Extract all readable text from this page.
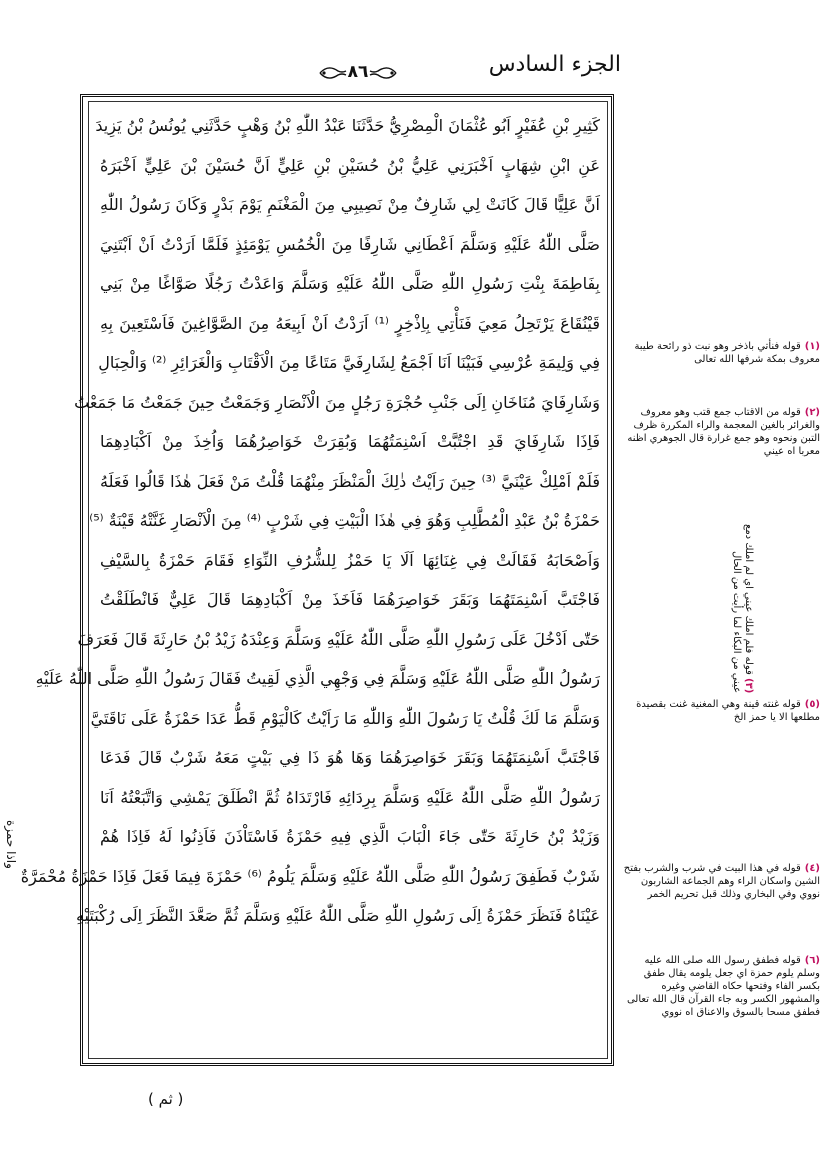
الجزء السادس
٨٦
كَثِيرِ بْنِ عُفَيْرٍ اَبُو عُثْمَانَ الْمِصْرِيُّ حَدَّثَنَا عَبْدُ اللّٰهِ بْنُ وَهْبٍ حَدَّثَنِي يُونُسُ بْنُ يَزِيدَ
عَنِ ابْنِ شِهَابٍ اَخْبَرَنِي عَلِيُّ بْنُ حُسَيْنِ بْنِ عَلِيٍّ اَنَّ حُسَيْنَ بْنَ عَلِيٍّ اَخْبَرَهُ
اَنَّ عَلِيًّا قَالَ كَانَتْ لِي شَارِفٌ مِنْ نَصِيبِي مِنَ الْمَغْنَمِ يَوْمَ بَدْرٍ وَكَانَ رَسُولُ اللّٰهِ
صَلَّى اللّٰهُ عَلَيْهِ وَسَلَّمَ اَعْطَانِي شَارِفًا مِنَ الْخُمُسِ يَوْمَئِذٍ فَلَمَّا اَرَدْتُ اَنْ اَبْتَنِيَ
بِفَاطِمَةَ بِنْتِ رَسُولِ اللّٰهِ صَلَّى اللّٰهُ عَلَيْهِ وَسَلَّمَ وَاعَدْتُ رَجُلًا صَوَّاغًا مِنْ بَنِي
قَيْنُقَاعَ يَرْتَحِلُ مَعِيَ فَنَأْتِي بِاِذْخِرٍ ⁽¹⁾ اَرَدْتُ اَنْ اَبِيعَهُ مِنَ الصَّوَّاغِينَ فَاَسْتَعِينَ بِهِ
فِي وَلِيمَةِ عُرْسِي فَبَيْنَا اَنَا اَجْمَعُ لِشَارِفَيَّ مَتَاعًا مِنَ الْاَقْتَابِ وَالْغَرَائِرِ ⁽²⁾ وَالْحِبَالِ
وَشَارِفَايَ مُنَاخَانِ اِلَى جَنْبِ حُجْرَةِ رَجُلٍ مِنَ الْاَنْصَارِ وَجَمَعْتُ حِينَ جَمَعْتُ مَا جَمَعْتُ
فَاِذَا شَارِفَايَ قَدِ اجْتُبَّتْ اَسْنِمَتُهُمَا وَبُقِرَتْ خَوَاصِرُهُمَا وَاُخِذَ مِنْ اَكْبَادِهِمَا
فَلَمْ اَمْلِكْ عَيْنَيَّ ⁽³⁾ حِينَ رَاَيْتُ ذٰلِكَ الْمَنْظَرَ مِنْهُمَا قُلْتُ مَنْ فَعَلَ هٰذَا قَالُوا فَعَلَهُ
حَمْزَةُ بْنُ عَبْدِ الْمُطَّلِبِ وَهُوَ فِي هٰذَا الْبَيْتِ فِي شَرْبٍ ⁽⁴⁾ مِنَ الْاَنْصَارِ غَنَّتْهُ قَيْنَةٌ ⁽⁵⁾
وَاَصْحَابَهُ فَقَالَتْ فِي غِنَائِهَا اَلَا يَا حَمْزُ لِلشُّرُفِ النِّوَاءِ فَقَامَ حَمْزَةُ بِالسَّيْفِ
فَاجْتَبَّ اَسْنِمَتَهُمَا وَبَقَرَ خَوَاصِرَهُمَا فَاَخَذَ مِنْ اَكْبَادِهِمَا قَالَ عَلِيٌّ فَانْطَلَقْتُ
حَتّٰى اَدْخُلَ عَلَى رَسُولِ اللّٰهِ صَلَّى اللّٰهُ عَلَيْهِ وَسَلَّمَ وَعِنْدَهُ زَيْدُ بْنُ حَارِثَةَ قَالَ فَعَرَفَ
رَسُولُ اللّٰهِ صَلَّى اللّٰهُ عَلَيْهِ وَسَلَّمَ فِي وَجْهِي الَّذِي لَقِيتُ فَقَالَ رَسُولُ اللّٰهِ صَلَّى اللّٰهُ عَلَيْهِ
وَسَلَّمَ مَا لَكَ قُلْتُ يَا رَسُولَ اللّٰهِ وَاللّٰهِ مَا رَاَيْتُ كَالْيَوْمِ قَطُّ عَدَا حَمْزَةُ عَلَى نَاقَتَيَّ
فَاجْتَبَّ اَسْنِمَتَهُمَا وَبَقَرَ خَوَاصِرَهُمَا وَهَا هُوَ ذَا فِي بَيْتٍ مَعَهُ شَرْبٌ قَالَ فَدَعَا
رَسُولُ اللّٰهِ صَلَّى اللّٰهُ عَلَيْهِ وَسَلَّمَ بِرِدَائِهِ فَارْتَدَاهُ ثُمَّ انْطَلَقَ يَمْشِي وَاتَّبَعْتُهُ اَنَا
وَزَيْدُ بْنُ حَارِثَةَ حَتّٰى جَاءَ الْبَابَ الَّذِي فِيهِ حَمْزَةُ فَاسْتَاْذَنَ فَاَذِنُوا لَهُ فَاِذَا هُمْ
شَرْبٌ فَطَفِقَ رَسُولُ اللّٰهِ صَلَّى اللّٰهُ عَلَيْهِ وَسَلَّمَ يَلُومُ ⁽⁶⁾ حَمْزَةَ فِيمَا فَعَلَ فَاِذَا حَمْزَةُ مُحْمَرَّةٌ
عَيْنَاهُ فَنَظَرَ حَمْزَةُ اِلَى رَسُولِ اللّٰهِ صَلَّى اللّٰهُ عَلَيْهِ وَسَلَّمَ ثُمَّ صَعَّدَ النَّظَرَ اِلَى رُكْبَتَيْهِ
(١)قوله فنأتي باذخر وهو نبت ذو رائحة طيبة معروف بمكة شرفها الله تعالى
(٢)قوله من الاقتاب جمع قتب وهو معروف والغرائر بالغين المعجمة والراء المكررة ظرف التبن ونحوه وهو جمع غرارة قال الجوهري اظنه معربا اه عيني
(٣) قوله فلم املك عيني اي لم املك دمع عيني من البكاء لما رأيت من الحال
(٥)قوله غنته قينة وهي المغنية غنت بقصيدة مطلعها الا يا حمز الخ
(٤)قوله في هذا البيت في شرب والشرب بفتح الشين واسكان الراء وهم الجماعة الشاربون نووي وفي البخاري وذلك قبل تحريم الخمر
(٦)قوله فطفق رسول الله صلى الله عليه وسلم يلوم حمزة اي جعل يلومه يقال طفق بكسر الفاء وفتحها حكاه القاضي وغيره والمشهور الكسر وبه جاء القرآن قال الله تعالى فطفق مسحا بالسوق والاعناق اه نووي
واذا حمزة
( ثم )
